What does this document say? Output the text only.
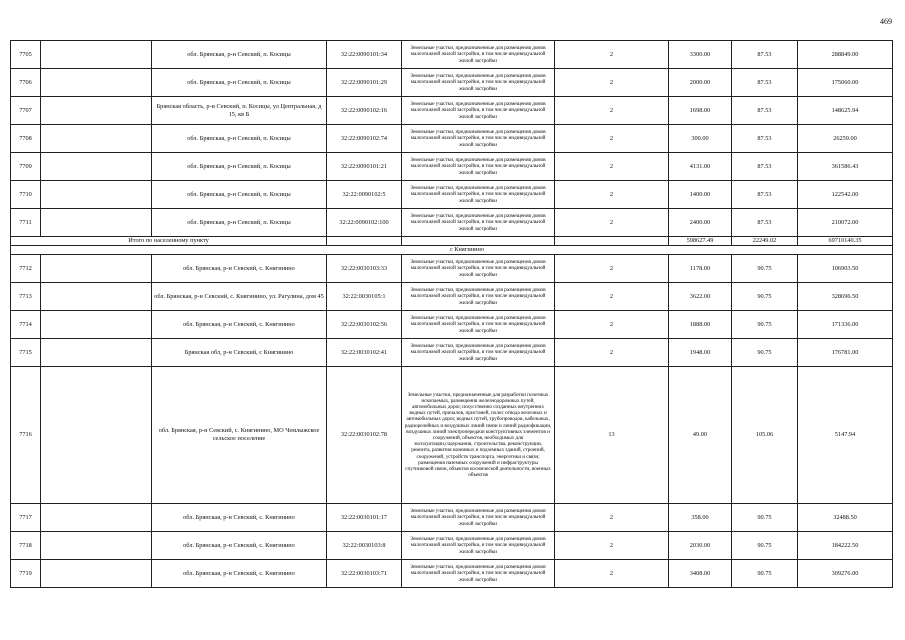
469
7705		обл. Брянская, р-н Севский, п. Косицы	32:22:0090101:34	Земельные участки, предназначенные для размещения домов малоэтажной жилой застройки, в том числе индивидуальной жилой застройки	2	3300.00	87.53	288849.00
7706		обл. Брянская, р-н Севский, п. Косицы	32:22:0090101:29	Земельные участки, предназначенные для размещения домов малоэтажной жилой застройки, в том числе индивидуальной жилой застройки	2	2000.00	87.53	175060.00
7707		Брянская область, р-н Севский, п. Косицы, ул Центральная, д 15, кв Б	32:22:0090102:16	Земельные участки, предназначенные для размещения домов малоэтажной жилой застройки, в том числе индивидуальной жилой застройки	2	1698.00	87.53	148625.94
7708		обл. Брянская, р-н Севский, п. Косицы	32:22:0090102:74	Земельные участки, предназначенные для размещения домов малоэтажной жилой застройки, в том числе индивидуальной жилой застройки	2	300.00	87.53	26259.00
7709		обл. Брянская, р-н Севский, п. Косицы	32:22:0090101:21	Земельные участки, предназначенные для размещения домов малоэтажной жилой застройки, в том числе индивидуальной жилой застройки	2	4131.00	87.53	361586.43
7710		обл. Брянская, р-н Севский, п. Косицы	32:22:0090102:5	Земельные участки, предназначенные для размещения домов малоэтажной жилой застройки, в том числе индивидуальной жилой застройки	2	1400.00	87.53	122542.00
7711		обл. Брянская, р-н Севский, п. Косицы	32:22:0090102:100	Земельные участки, предназначенные для размещения домов малоэтажной жилой застройки, в том числе индивидуальной жилой застройки	2	2400.00	87.53	210072.00
Итого по населенному пункту						598627.49	22249.02	69710140.35
с Княгинино								
7712		обл. Брянская, р-н Севский, с. Княгинино	32:22:0030103:33	Земельные участки, предназначенные для размещения домов малоэтажной жилой застройки, в том числе индивидуальной жилой застройки	2	1178.00	90.75	106903.50
7713		обл. Брянская, р-н Севский, с. Княгинино, ул. Рагулина, дом 45	32:22:0030105:1	Земельные участки, предназначенные для размещения домов малоэтажной жилой застройки, в том числе индивидуальной жилой застройки	2	3622.00	90.75	328696.50
7714		обл. Брянская, р-н Севский, с. Княгинино	32:22:0030102:56	Земельные участки, предназначенные для размещения домов малоэтажной жилой застройки, в том числе индивидуальной жилой застройки	2	1888.00	90.75	171336.00
7715		Брянская обл, р-н Севский, с Княгинино	32:22:0030102:41	Земельные участки, предназначенные для размещения домов малоэтажной жилой застройки, в том числе индивидуальной жилой застройки	2	1948.00	90.75	176781.00
7716		обл. Брянская, р-н Севский, с. Княгинино, МО Чемлыжское сельское поселение	32:22:0030102:78	Земельные участки, предназначенные для разработки полезных ископаемых, размещения железнодорожных путей, автомобильных дорог, искусственно созданных внутренних водных путей, причалов, пристаней, полос отвода железных и автомобильных дорог, водных путей, трубопроводов, кабельных, радиорелейных и воздушных линий связи и линий радиофикации, воздушных линий электропередачи конструктивных элементов и сооружений, объектов, необходимых для эксплуатации,содержания, строительства, реконструкции, ремонта, развития наземных и подземных зданий, строений, сооружений, устройств транспорта, энергетики и связи; размещения наземных сооружений и инфраструктуры спутниковой связи, объектов космической деятельности, военных объектов	13	49.00	105.06	5147.94
7717		обл. Брянская, р-н Севский, с. Княгинино	32:22:0030101:17	Земельные участки, предназначенные для размещения домов малоэтажной жилой застройки, в том числе индивидуальной жилой застройки	2	358.00	90.75	32488.50
7718		обл. Брянская, р-н Севский, с. Княгинино	32:22:0030103:8	Земельные участки, предназначенные для размещения домов малоэтажной жилой застройки, в том числе индивидуальной жилой застройки	2	2030.00	90.75	184222.50
7719		обл. Брянская, р-н Севский, с. Княгинино	32:22:0030103:71	Земельные участки, предназначенные для размещения домов малоэтажной жилой застройки, в том числе индивидуальной жилой застройки	2	3408.00	90.75	309276.00
